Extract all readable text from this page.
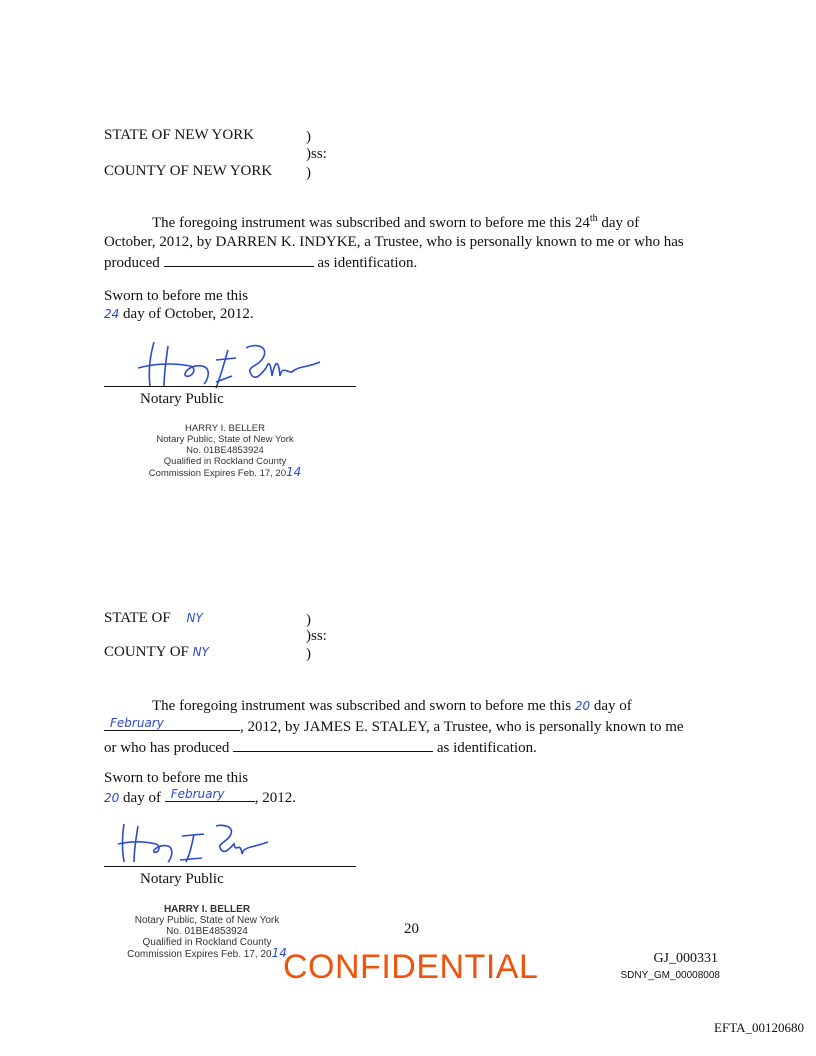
STATE OF NEW YORK	)
)ss:
COUNTY OF NEW YORK )
The foregoing instrument was subscribed and sworn to before me this 24th day of
October, 2012, by DARREN K. INDYKE, a Trustee, who is personally known to me or who has
produced	as identification.
Sworn to before me this
24 day of October, 2012.
Notary Public
HARRY I. BELLER
Notary Public, State of New York
No. 01BE4853924
Qualified in Rockland County
Commission Expires Feb. 17, 2014
STATE OF NY	)
)ss:
COUNTY OF NY	)
The foregoing instrument was subscribed and sworn to before me this 20 day of
February	, 2012, by JAMES E. STALEY, a Trustee, who is personally known to me
or who has produced	as identification.
Sworn to before me this
20 day of February , 2012.
Notary Public
HARRY I. BELLER
Notary Public, State of New York
No. 01BE4853924
Qualified in Rockland County
Commission Expires Feb. 17, 2014
20
CONFIDENTIAL	GJ_000331
SDNY_GM_00008008
EFTA_00120680
